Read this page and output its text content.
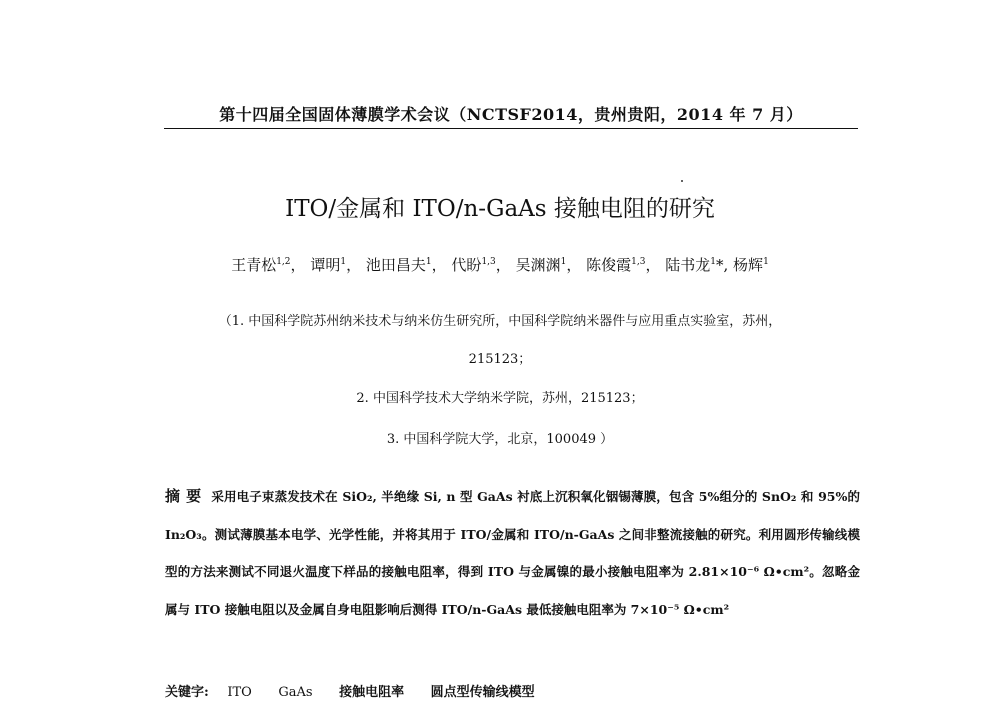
第十四届全国固体薄膜学术会议（NCTSF2014，贵州贵阳，2014 年 7 月）
ITO/金属和 ITO/n-GaAs 接触电阻的研究
王青松$^{1,2}$， 谭明$^1$， 池田昌夫$^1$， 代盼$^{1,3}$， 吴渊渊$^1$， 陈俊霞$^{1,3}$， 陆书龙$^1$*, 杨辉$^1$
（1. 中国科学院苏州纳米技术与纳米仿生研究所，中国科学院纳米器件与应用重点实验室，苏州，
215123；
2. 中国科学技术大学纳米学院，苏州，215123；
3. 中国科学院大学，北京，100049 ）
摘要 采用电子束蒸发技术在 SiO₂, 半绝缘 Si, n 型 GaAs 衬底上沉积氧化铟锡薄膜，包含 5%组分的 SnO₂ 和 95%的 In₂O₃。测试薄膜基本电学、光学性能，并将其用于 ITO/金属和 ITO/n-GaAs 之间非整流接触的研究。利用圆形传输线模型的方法来测试不同退火温度下样品的接触电阻率，得到 ITO 与金属镍的最小接触电阻率为 2.81×10⁻⁶ Ω•cm²。忽略金属与 ITO 接触电阻以及金属自身电阻影响后测得 ITO/n-GaAs 最低接触电阻率为 7×10⁻⁵ Ω•cm²
关键字: ITO GaAs 接触电阻率 圆点型传输线模型
